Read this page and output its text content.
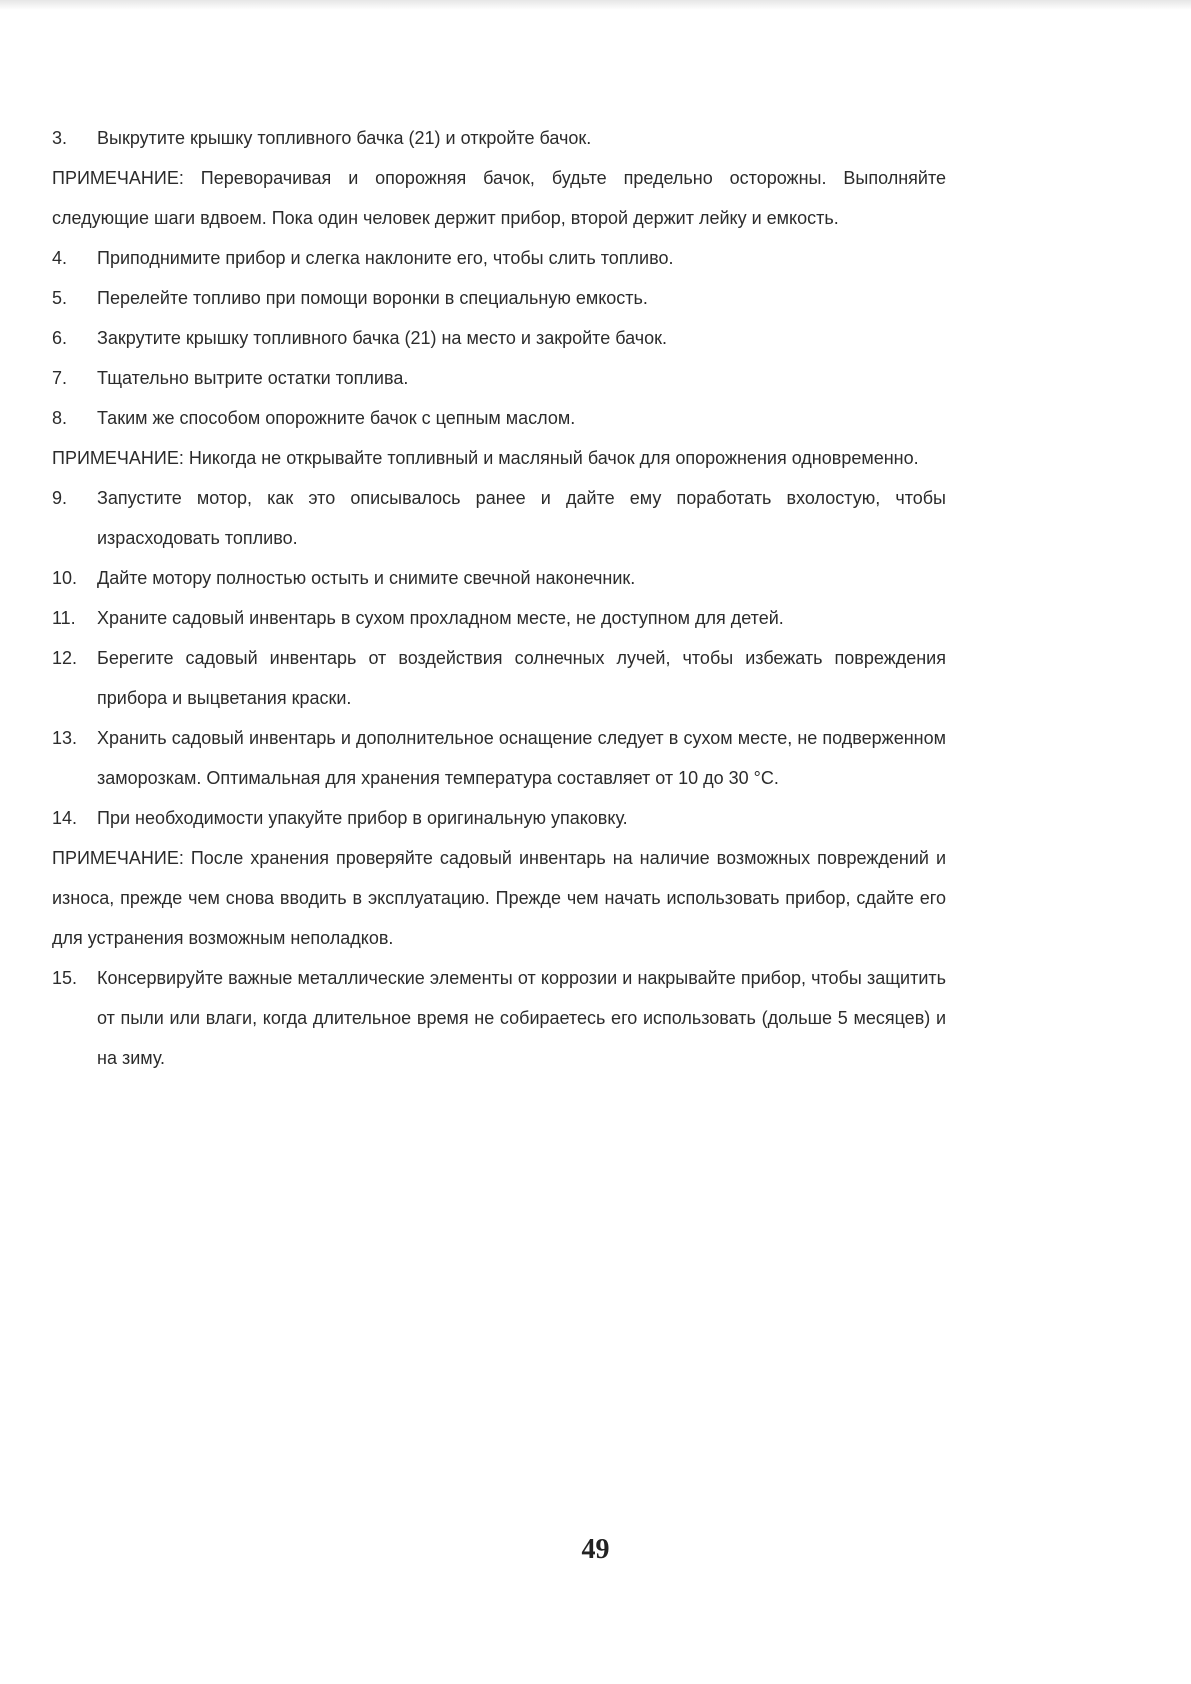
3.	Выкрутите крышку топливного бачка (21) и откройте бачок.
ПРИМЕЧАНИЕ: Переворачивая и опорожняя бачок, будьте предельно осторожны. Выполняйте следующие шаги вдвоем. Пока один человек держит прибор, второй держит лейку и емкость.
4.	Приподнимите прибор и слегка наклоните его, чтобы слить топливо.
5.	Перелейте топливо при помощи воронки в специальную емкость.
6.	Закрутите крышку топливного бачка (21) на место и закройте бачок.
7.	Тщательно вытрите остатки топлива.
8.	Таким же способом опорожните бачок с цепным маслом.
ПРИМЕЧАНИЕ: Никогда не открывайте топливный и масляный бачок для опорожнения одновременно.
9.	Запустите мотор, как это описывалось ранее и дайте ему поработать вхолостую, чтобы израсходовать топливо.
10.	Дайте мотору полностью остыть и снимите свечной наконечник.
11.	Храните садовый инвентарь в сухом прохладном месте, не доступном для детей.
12.	Берегите садовый инвентарь от воздействия солнечных лучей, чтобы избежать повреждения прибора и выцветания краски.
13.	Хранить садовый инвентарь и дополнительное оснащение следует в сухом месте, не подверженном заморозкам. Оптимальная для хранения температура составляет от 10 до 30 °С.
14.	При необходимости упакуйте прибор в оригинальную упаковку.
ПРИМЕЧАНИЕ: После хранения проверяйте садовый инвентарь на наличие возможных повреждений и износа, прежде чем снова вводить в эксплуатацию. Прежде чем начать использовать прибор, сдайте его для устранения возможным неполадков.
15.	Консервируйте важные металлические элементы от коррозии и накрывайте прибор, чтобы защитить от пыли или влаги, когда длительное время не собираетесь его использовать (дольше 5 месяцев) и на зиму.
49
